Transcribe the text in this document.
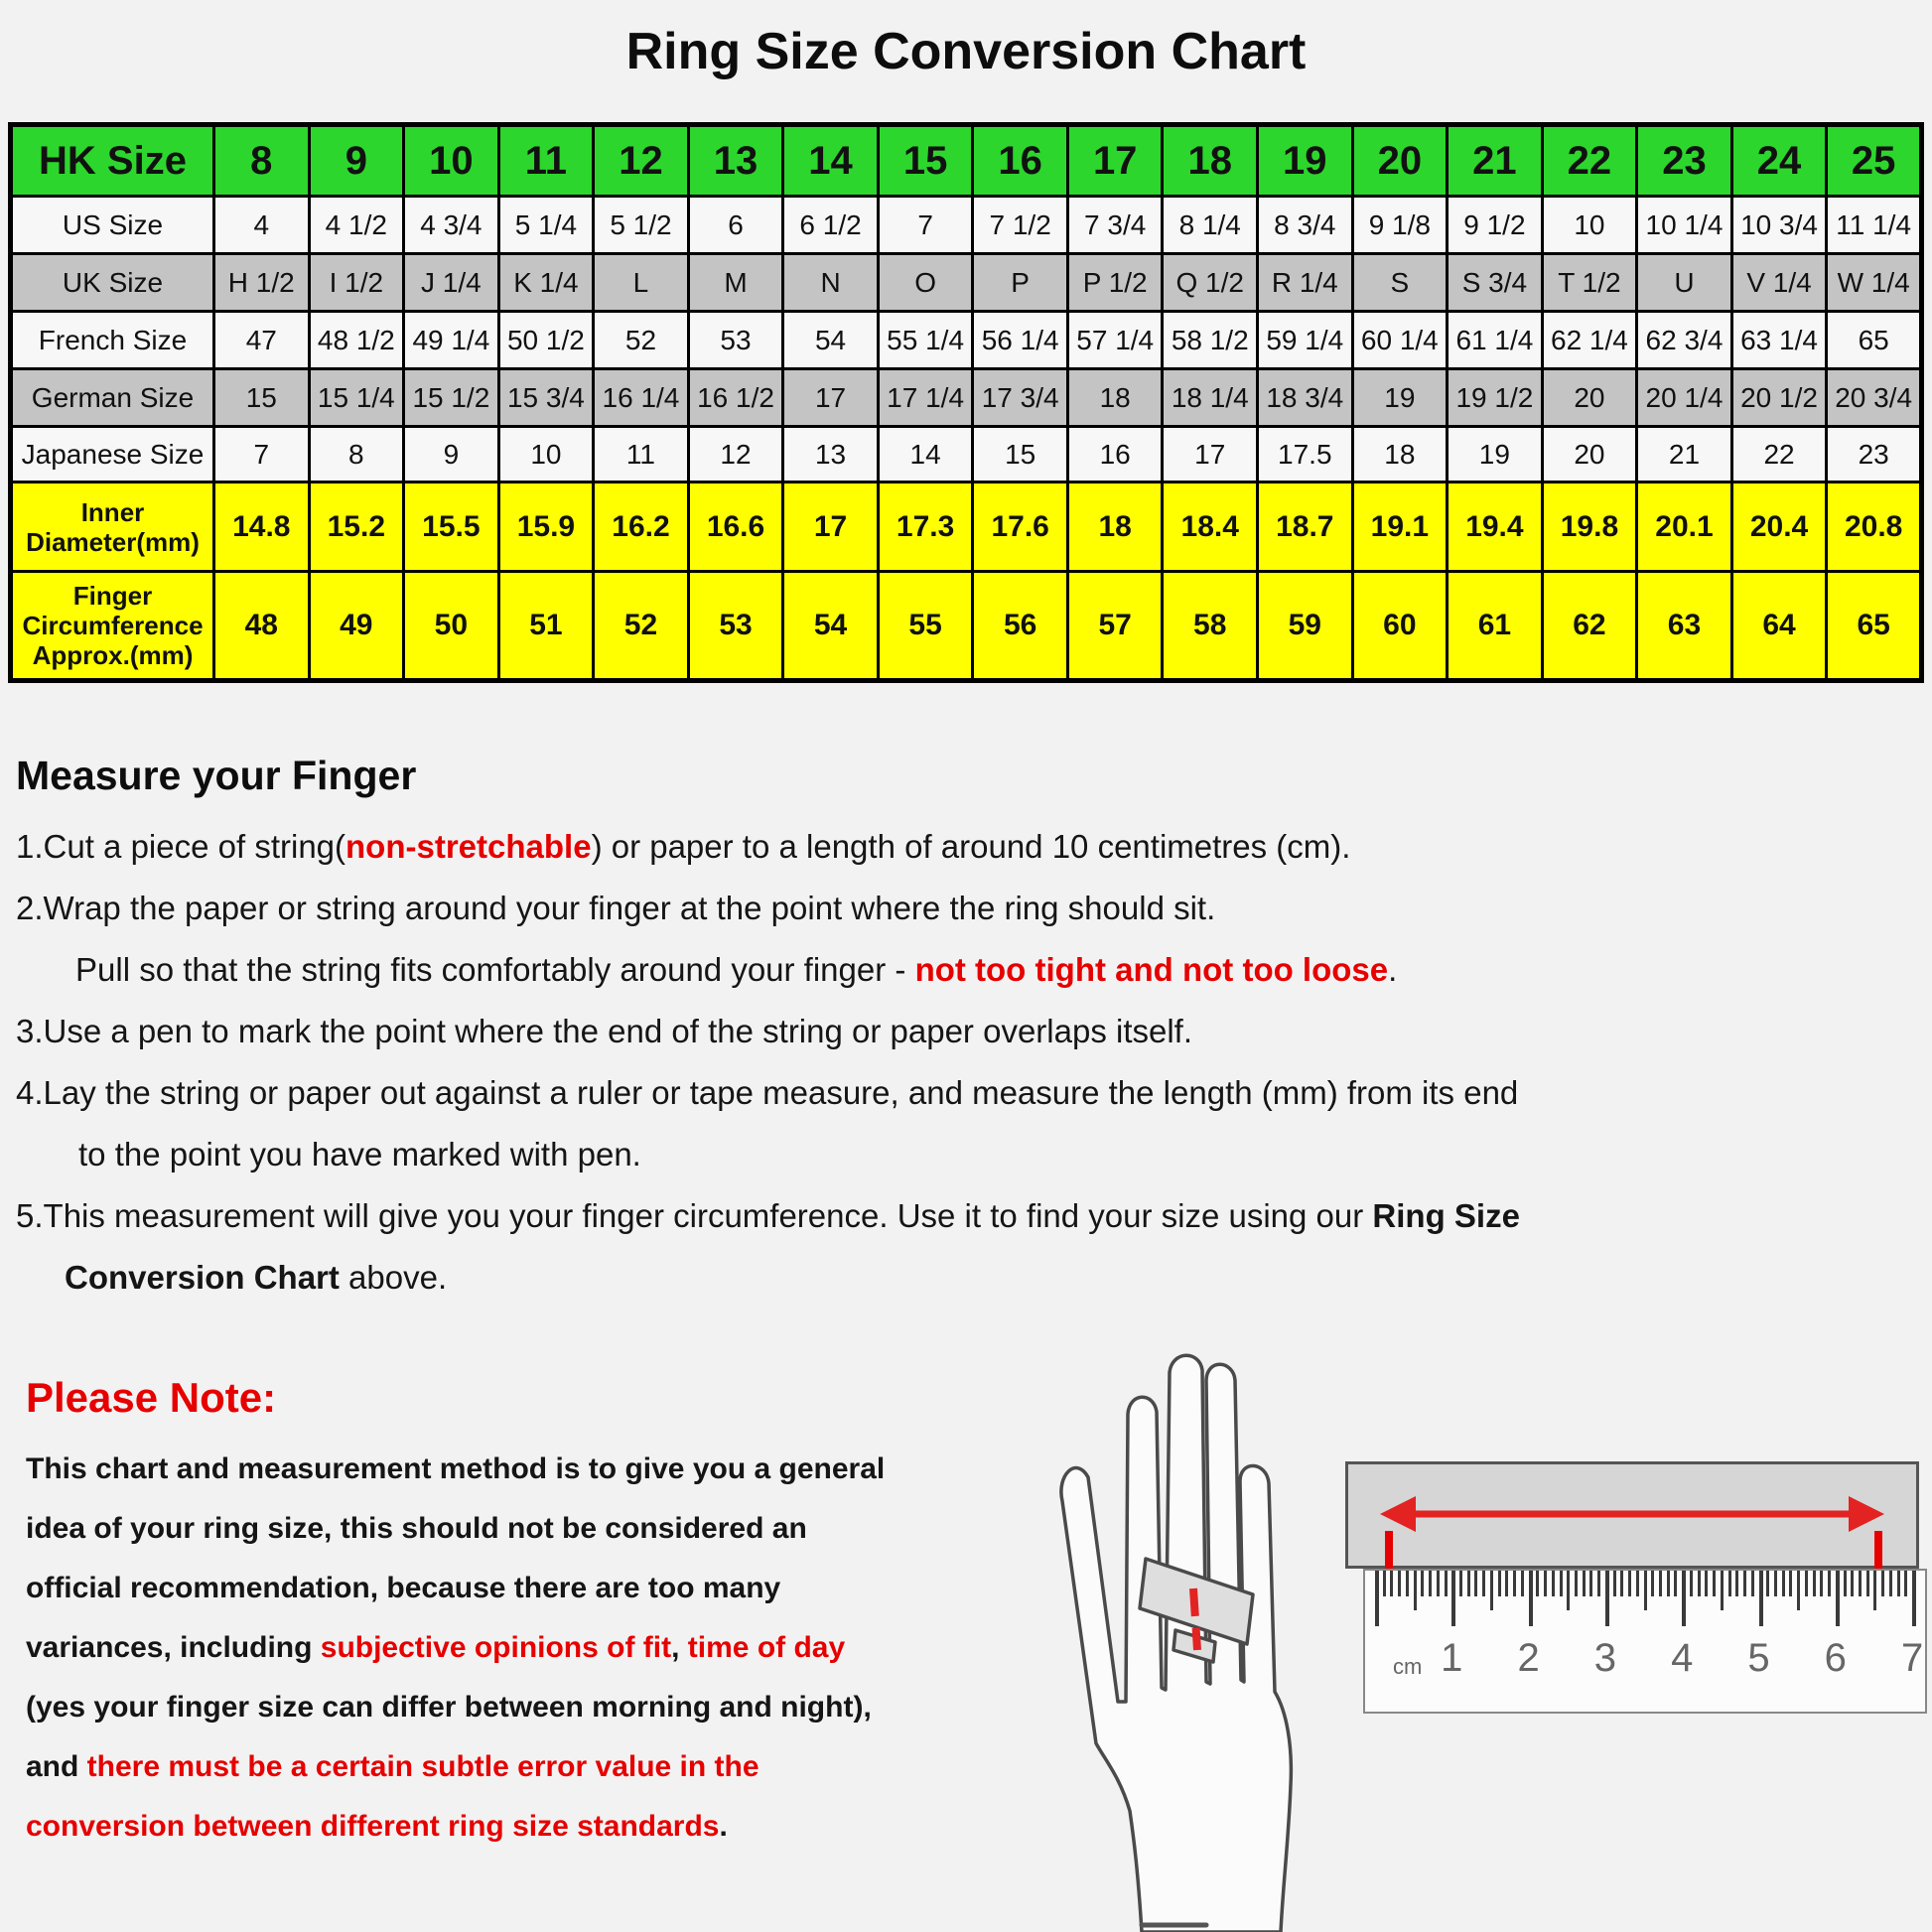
Ring Size Conversion Chart
HK Size	8	9	10	11	12	13	14	15	16	17	18	19	20	21	22	23	24	25
US Size	4	4 1/2	4 3/4	5 1/4	5 1/2	6	6 1/2	7	7 1/2	7 3/4	8 1/4	8 3/4	9 1/8	9 1/2	10	10 1/4	10 3/4	11 1/4
UK Size	H 1/2	I 1/2	J 1/4	K 1/4	L	M	N	O	P	P 1/2	Q 1/2	R 1/4	S	S 3/4	T 1/2	U	V 1/4	W 1/4
French Size	47	48 1/2	49 1/4	50 1/2	52	53	54	55 1/4	56 1/4	57 1/4	58 1/2	59 1/4	60 1/4	61 1/4	62 1/4	62 3/4	63 1/4	65
German Size	15	15 1/4	15 1/2	15 3/4	16 1/4	16 1/2	17	17 1/4	17 3/4	18	18 1/4	18 3/4	19	19 1/2	20	20 1/4	20 1/2	20 3/4
Japanese Size	7	8	9	10	11	12	13	14	15	16	17	17.5	18	19	20	21	22	23
Inner Diameter(mm)	14.8	15.2	15.5	15.9	16.2	16.6	17	17.3	17.6	18	18.4	18.7	19.1	19.4	19.8	20.1	20.4	20.8
Finger Circumference Approx.(mm)	48	49	50	51	52	53	54	55	56	57	58	59	60	61	62	63	64	65
Measure your Finger
1.Cut a piece of string(non-stretchable) or paper to a length of around 10 centimetres (cm).
2.Wrap the paper or string around your finger at the point where the ring should sit.
Pull so that the string fits comfortably around your finger - not too tight and not too loose.
3.Use a pen to mark the point where the end of the string or paper overlaps itself.
4.Lay the string or paper out against a ruler or tape measure, and measure the length (mm) from its end
to the point you have marked with pen.
5.This measurement will give you your finger circumference. Use it to find your size using our Ring Size
Conversion Chart above.
Please Note:
This chart and measurement method is to give you a general
idea of your ring size, this should not be considered an
official recommendation, because there are too many
variances, including subjective opinions of fit, time of day
(yes your finger size can differ between morning and night),
and there must be a certain subtle error value in the
conversion between different ring size standards.
1	2	3	4	5	6	7
cm
